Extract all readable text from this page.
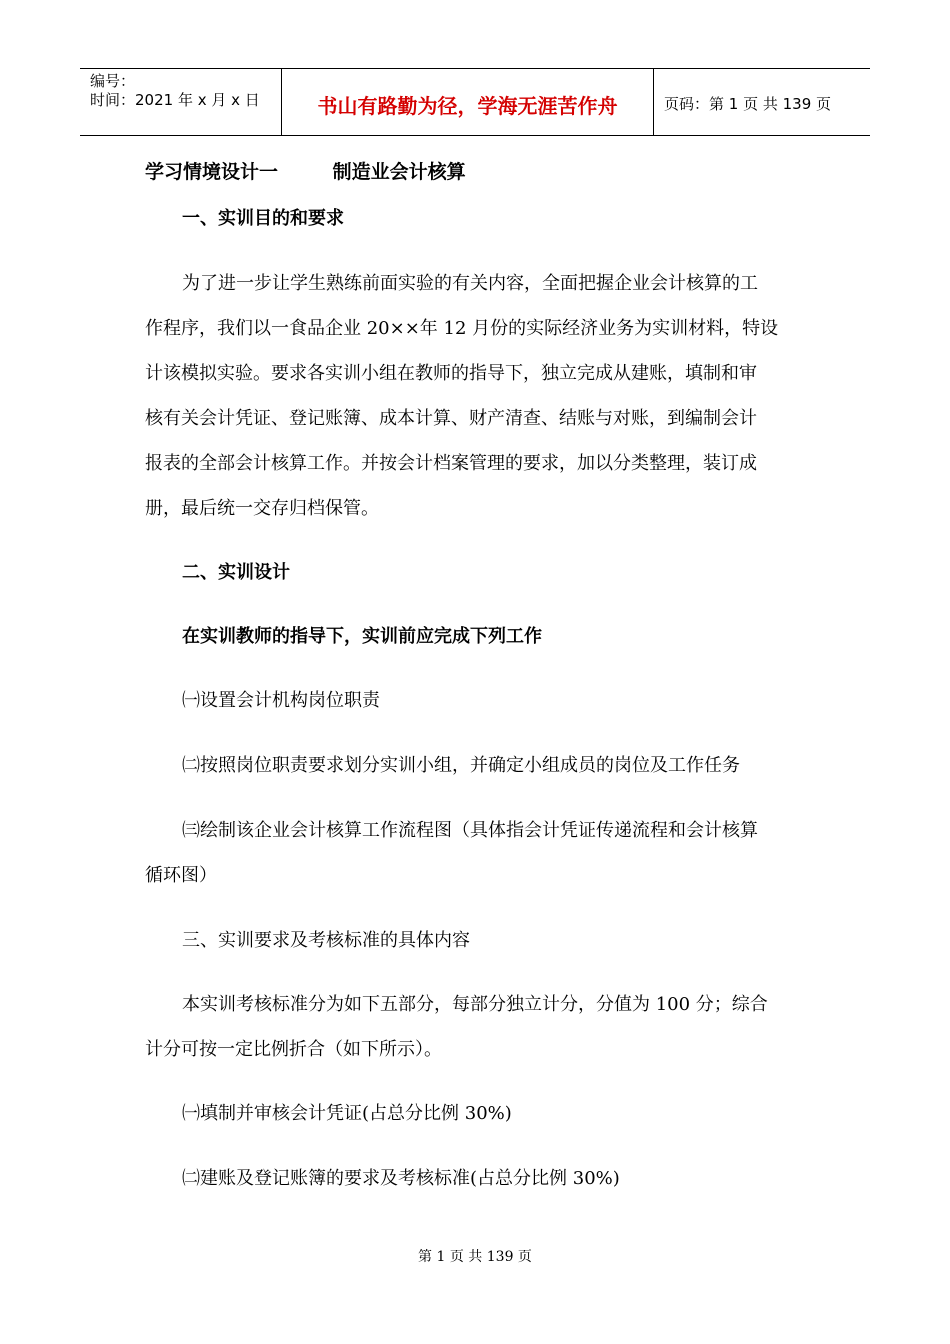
编号：
时间：2021 年 x 月 x 日	书山有路勤为径，学海无涯苦作舟	页码：第 1 页 共 139 页
学习情境设计一	制造业会计核算
一、实训目的和要求
为了进一步让学生熟练前面实验的有关内容，全面把握企业会计核算的工
作程序，我们以一食品企业 20××年 12 月份的实际经济业务为实训材料，特设
计该模拟实验。要求各实训小组在教师的指导下，独立完成从建账，填制和审
核有关会计凭证、登记账簿、成本计算、财产清查、结账与对账，到编制会计
报表的全部会计核算工作。并按会计档案管理的要求，加以分类整理，装订成
册，最后统一交存归档保管。
二、实训设计
在实训教师的指导下，实训前应完成下列工作
㈠设置会计机构岗位职责
㈡按照岗位职责要求划分实训小组，并确定小组成员的岗位及工作任务
㈢绘制该企业会计核算工作流程图（具体指会计凭证传递流程和会计核算
循环图）
三、实训要求及考核标准的具体内容
本实训考核标准分为如下五部分，每部分独立计分，分值为 100 分；综合
计分可按一定比例折合（如下所示）。
㈠填制并审核会计凭证(占总分比例 30%)
㈡建账及登记账簿的要求及考核标准(占总分比例 30%)
第 1 页 共 139 页
